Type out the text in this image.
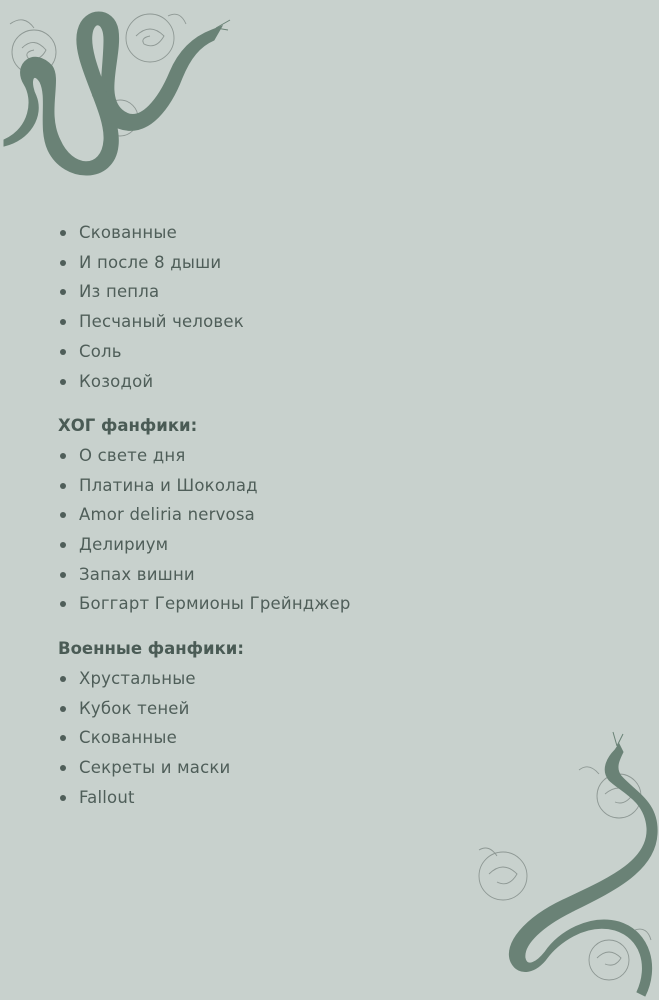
Скованные
И после 8 дыши
Из пепла
Песчаный человек
Соль
Козодой
ХОГ фанфики:
О свете дня
Платина и Шоколад
Amor deliria nervosa
Делириум
Запах вишни
Боггарт Гермионы Грейнджер
Военные фанфики:
Хрустальные
Кубок теней
Скованные
Секреты и маски
Fallout
